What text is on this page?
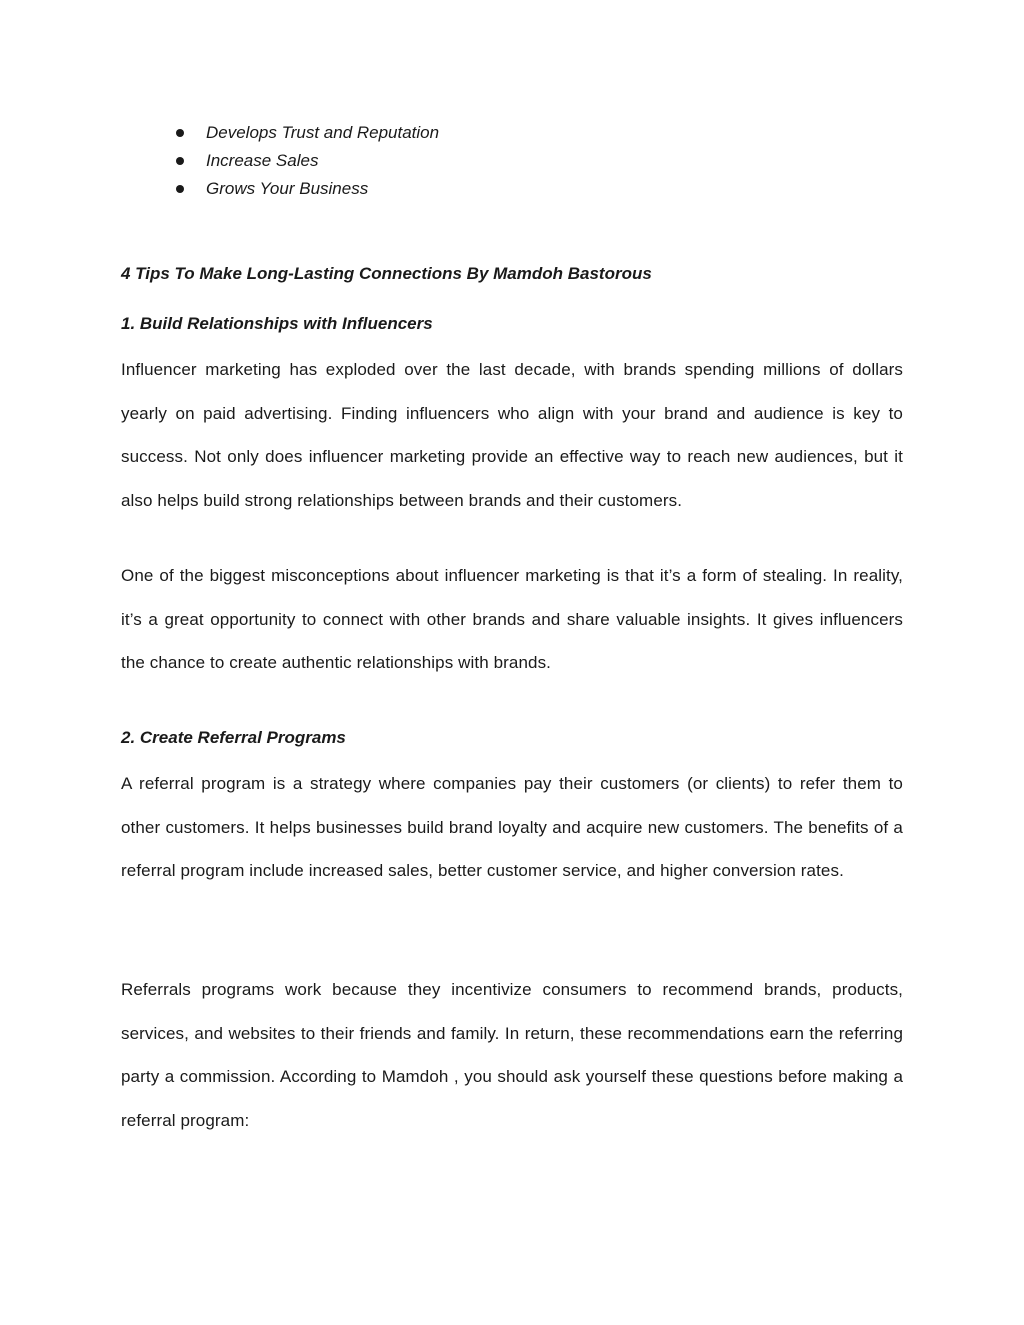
Develops Trust and Reputation
Increase Sales
Grows Your Business
4 Tips To Make Long-Lasting Connections By Mamdoh Bastorous
1. Build Relationships with Influencers

Influencer marketing has exploded over the last decade, with brands spending millions of dollars yearly on paid advertising. Finding influencers who align with your brand and audience is key to success. Not only does influencer marketing provide an effective way to reach new audiences, but it also helps build strong relationships between brands and their customers.

One of the biggest misconceptions about influencer marketing is that it’s a form of stealing. In reality, it’s a great opportunity to connect with other brands and share valuable insights. It gives influencers the chance to create authentic relationships with brands.

2. Create Referral Programs

A referral program is a strategy where companies pay their customers (or clients) to refer them to other customers. It helps businesses build brand loyalty and acquire new customers. The benefits of a referral program include increased sales, better customer service, and higher conversion rates.

Referrals programs work because they incentivize consumers to recommend brands, products, services, and websites to their friends and family. In return, these recommendations earn the referring party a commission. According to Mamdoh , you should ask yourself these questions before making a referral program:
